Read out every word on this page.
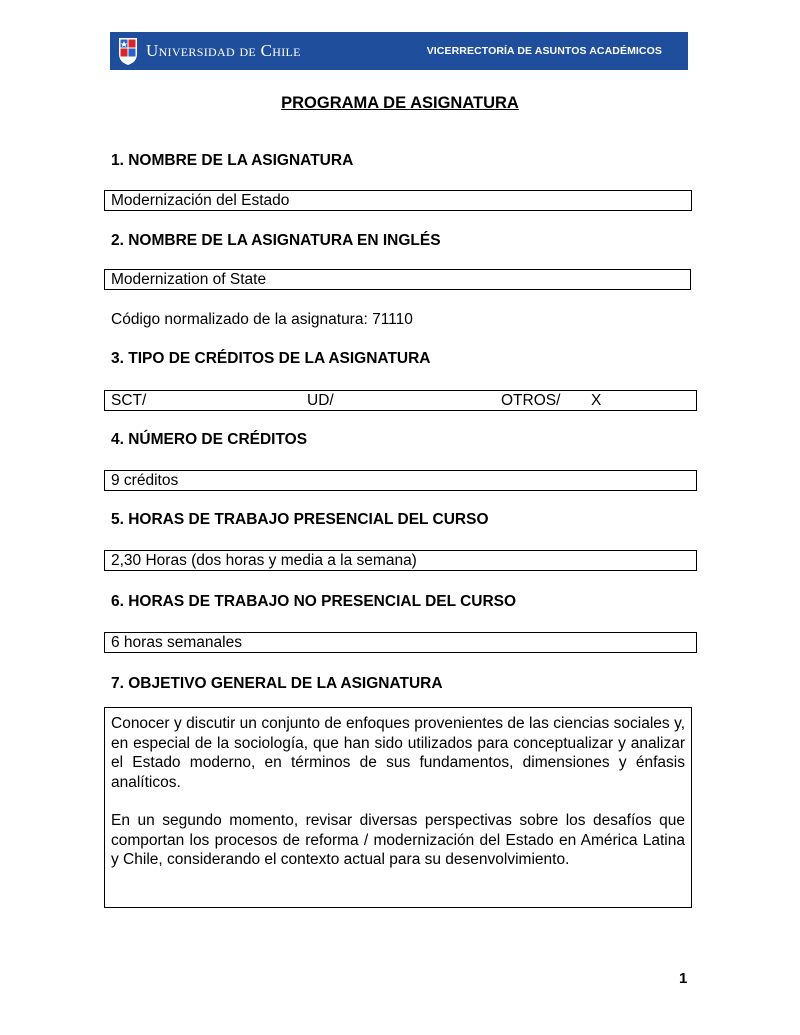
Universidad de Chile	VICERRECTORÍA DE ASUNTOS ACADÉMICOS
PROGRAMA DE ASIGNATURA
1. NOMBRE DE LA ASIGNATURA
Modernización del Estado
2. NOMBRE DE LA ASIGNATURA EN INGLÉS
Modernization of State
Código normalizado de la asignatura: 71110
3. TIPO DE CRÉDITOS DE LA ASIGNATURA
SCT/	UD/	OTROS/	X
4. NÚMERO DE CRÉDITOS
9 créditos
5. HORAS DE TRABAJO PRESENCIAL DEL CURSO
2,30 Horas (dos horas y media a la semana)
6. HORAS DE TRABAJO NO PRESENCIAL DEL CURSO
6 horas semanales
7. OBJETIVO GENERAL DE LA ASIGNATURA

Conocer y discutir un conjunto de enfoques provenientes de las ciencias sociales y, en especial de la sociología, que han sido utilizados para conceptualizar y analizar el Estado moderno, en términos de sus fundamentos, dimensiones y énfasis analíticos.

En un segundo momento, revisar diversas perspectivas sobre los desafíos que comportan los procesos de reforma / modernización del Estado en América Latina y Chile, considerando el contexto actual para su desenvolvimiento.

1
